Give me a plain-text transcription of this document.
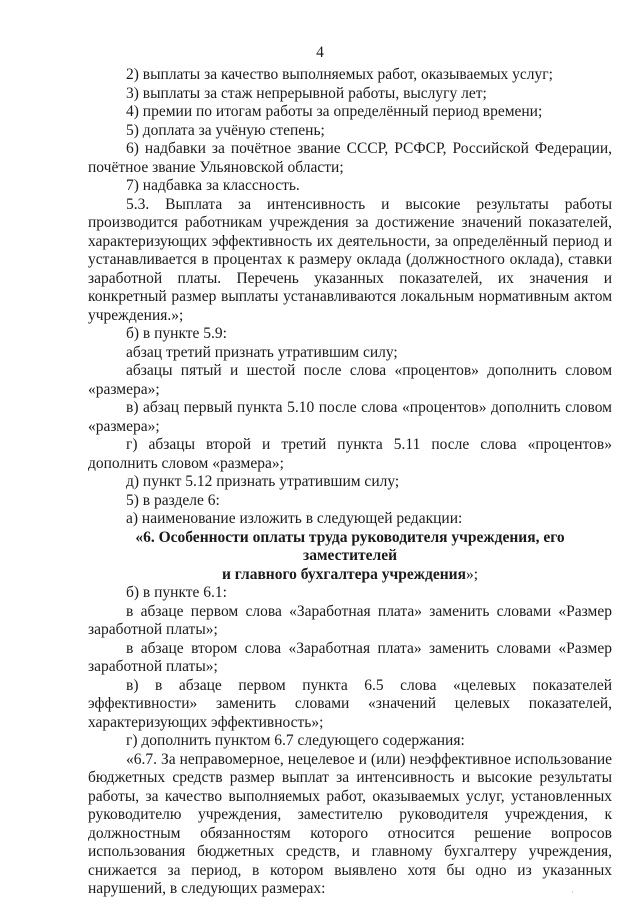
4

2) выплаты за качество выполняемых работ, оказываемых услуг;

3) выплаты за стаж непрерывной работы, выслугу лет;

4) премии по итогам работы за определённый период времени;

5) доплата за учёную степень;

6) надбавки за почётное звание СССР, РСФСР, Российской Федерации, почётное звание Ульяновской области;

7) надбавка за классность.

5.3. Выплата за интенсивность и высокие результаты работы производится работникам учреждения за достижение значений показателей, характеризующих эффективность их деятельности, за определённый период и устанавливается в процентах к размеру оклада (должностного оклада), ставки заработной платы. Перечень указанных показателей, их значения и конкретный размер выплаты устанавливаются локальным нормативным актом учреждения.»;

б) в пункте 5.9:

абзац третий признать утратившим силу;

абзацы пятый и шестой после слова «процентов» дополнить словом «размера»;

в) абзац первый пункта 5.10 после слова «процентов» дополнить словом «размера»;

г) абзацы второй и третий пункта 5.11 после слова «процентов» дополнить словом «размера»;

д) пункт 5.12 признать утратившим силу;

5) в разделе 6:

а) наименование изложить в следующей редакции:

«6. Особенности оплаты труда руководителя учреждения, его заместителей
и главного бухгалтера учреждения»;

б) в пункте 6.1:

в абзаце первом слова «Заработная плата» заменить словами «Размер заработной платы»;

в абзаце втором слова «Заработная плата» заменить словами «Размер заработной платы»;

в) в абзаце первом пункта 6.5 слова «целевых показателей эффективности» заменить словами «значений целевых показателей, характеризующих эффективность»;

г) дополнить пунктом 6.7 следующего содержания:

«6.7. За неправомерное, нецелевое и (или) неэффективное использование бюджетных средств размер выплат за интенсивность и высокие результаты работы, за качество выполняемых работ, оказываемых услуг, установленных руководителю учреждения, заместителю руководителя учреждения, к должностным обязанностям которого относится решение вопросов использования бюджетных средств, и главному бухгалтеру учреждения, снижается за период, в котором выявлено хотя бы одно из указанных нарушений, в следующих размерах:	·
